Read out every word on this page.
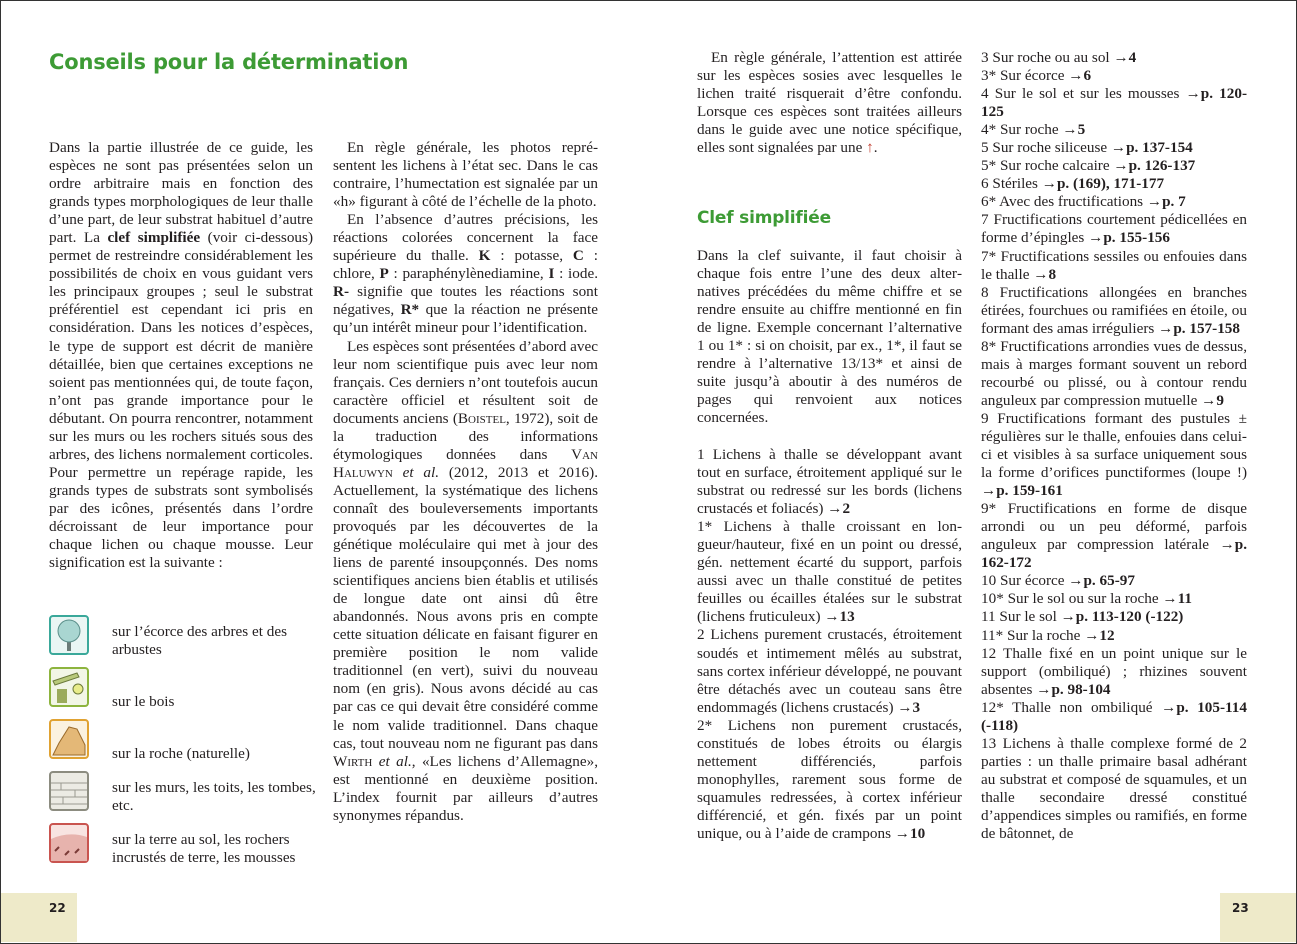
Conseils pour la détermination

Dans la partie illustrée de ce guide, les espèces ne sont pas présentées selon un ordre arbitraire mais en fonction des grands types morphologiques de leur thalle d’une part, de leur substrat habituel d’autre part. La clef simplifiée (voir ci-dessous) permet de restreindre considérablement les possibilités de choix en vous guidant vers les principaux groupes ; seul le substrat préférentiel est cependant ici pris en considération. Dans les notices d’espèces, le type de support est décrit de manière détaillée, bien que certaines exceptions ne soient pas mentionnées qui, de toute façon, n’ont pas grande importance pour le débutant. On pourra rencontrer, notamment sur les murs ou les rochers situés sous des arbres, des lichens normalement corticoles. Pour permettre un repérage rapide, les grands types de substrats sont symbolisés par des icônes, présentés dans l’ordre décroissant de leur importance pour chaque lichen ou chaque mousse. Leur signification est la suivante :

sur l’écorce des arbres et des arbustes
sur le bois
sur la roche (naturelle)
sur les murs, les toits, les tombes, etc.
sur la terre au sol, les rochers incrustés de terre, les mousses

En règle générale, les photos représentent les lichens à l’état sec. Dans le cas contraire, l’humectation est signalée par un «h» figurant à côté de l’échelle de la photo.

En l’absence d’autres précisions, les réactions colorées concernent la face supérieure du thalle. K : potasse, C : chlore, P : paraphénylènediamine, I : iode. R- signifie que toutes les réactions sont négatives, R* que la réaction ne présente qu’un intérêt mineur pour l’identification.

Les espèces sont présentées d’abord avec leur nom scientifique puis avec leur nom français. Ces derniers n’ont toutefois aucun caractère officiel et résultent soit de documents anciens (Boistel, 1972), soit de la traduction des informations étymologiques données dans Van Haluwyn et al. (2012, 2013 et 2016). Actuellement, la systématique des lichens connaît des bouleversements importants provoqués par les découvertes de la génétique moléculaire qui met à jour des liens de parenté insoupçonnés. Des noms scientifiques anciens bien établis et utilisés de longue date ont ainsi dû être abandonnés. Nous avons pris en compte cette situation délicate en faisant figurer en première position le nom valide traditionnel (en vert), suivi du nouveau nom (en gris). Nous avons décidé au cas par cas ce qui devait être considéré comme le nom valide traditionnel. Dans chaque cas, tout nouveau nom ne figurant pas dans Wirth et al., «Les lichens d’Allemagne», est mentionné en deuxième position. L’index fournit par ailleurs d’autres synonymes répandus.

22

En règle générale, l’attention est attirée sur les espèces sosies avec lesquelles le lichen traité risquerait d’être confondu. Lorsque ces espèces sont traitées ailleurs dans le guide avec une notice spécifique, elles sont signalées par une ↑.

Clef simplifiée

Dans la clef suivante, il faut choisir à chaque fois entre l’une des deux alternatives précédées du même chiffre et se rendre ensuite au chiffre mentionné en fin de ligne. Exemple concernant l’alternative 1 ou 1* : si on choisit, par ex., 1*, il faut se rendre à l’alternative 13/13* et ainsi de suite jusqu’à aboutir à des numéros de pages qui renvoient aux notices concernées.

1 Lichens à thalle se développant avant tout en surface, étroitement appliqué sur le substrat ou redressé sur les bords (lichens crustacés et foliacés) →2

1* Lichens à thalle croissant en longueur/hauteur, fixé en un point ou dressé, gén. nettement écarté du support, parfois aussi avec un thalle constitué de petites feuilles ou écailles étalées sur le substrat (lichens fruticuleux) →13

2 Lichens purement crustacés, étroitement soudés et intimement mêlés au substrat, sans cortex inférieur développé, ne pouvant être détachés avec un couteau sans être endommagés (lichens crustacés) →3

2* Lichens non purement crustacés, constitués de lobes étroits ou élargis nettement différenciés, parfois monophylles, rarement sous forme de squamules redressées, à cortex inférieur différencié, et gén. fixés par un point unique, ou à l’aide de crampons →10

3 Sur roche ou au sol →4

3* Sur écorce →6

4 Sur le sol et sur les mousses →p. 120-125

4* Sur roche →5

5 Sur roche siliceuse →p. 137-154

5* Sur roche calcaire →p. 126-137

6 Stériles →p. (169), 171-177

6* Avec des fructifications →p. 7

7 Fructifications courtement pédicellées en forme d’épingles →p. 155-156

7* Fructifications sessiles ou enfouies dans le thalle →8

8 Fructifications allongées en branches étirées, fourchues ou ramifiées en étoile, ou formant des amas irréguliers →p. 157-158

8* Fructifications arrondies vues de dessus, mais à marges formant souvent un rebord recourbé ou plissé, ou à contour rendu anguleux par compression mutuelle →9

9 Fructifications formant des pustules ± régulières sur le thalle, enfouies dans celui-ci et visibles à sa surface uniquement sous la forme d’orifices punctiformes (loupe !) →p. 159-161

9* Fructifications en forme de disque arrondi ou un peu déformé, parfois anguleux par compression latérale →p. 162-172

10 Sur écorce →p. 65-97

10* Sur le sol ou sur la roche →11

11 Sur le sol →p. 113-120 (-122)

11* Sur la roche →12

12 Thalle fixé en un point unique sur le support (ombiliqué) ; rhizines souvent absentes →p. 98-104

12* Thalle non ombiliqué →p. 105-114 (-118)

13 Lichens à thalle complexe formé de 2 parties : un thalle primaire basal adhérant au substrat et composé de squamules, et un thalle secondaire dressé constitué d’appendices simples ou ramifiés, en forme de bâtonnet, de

23
